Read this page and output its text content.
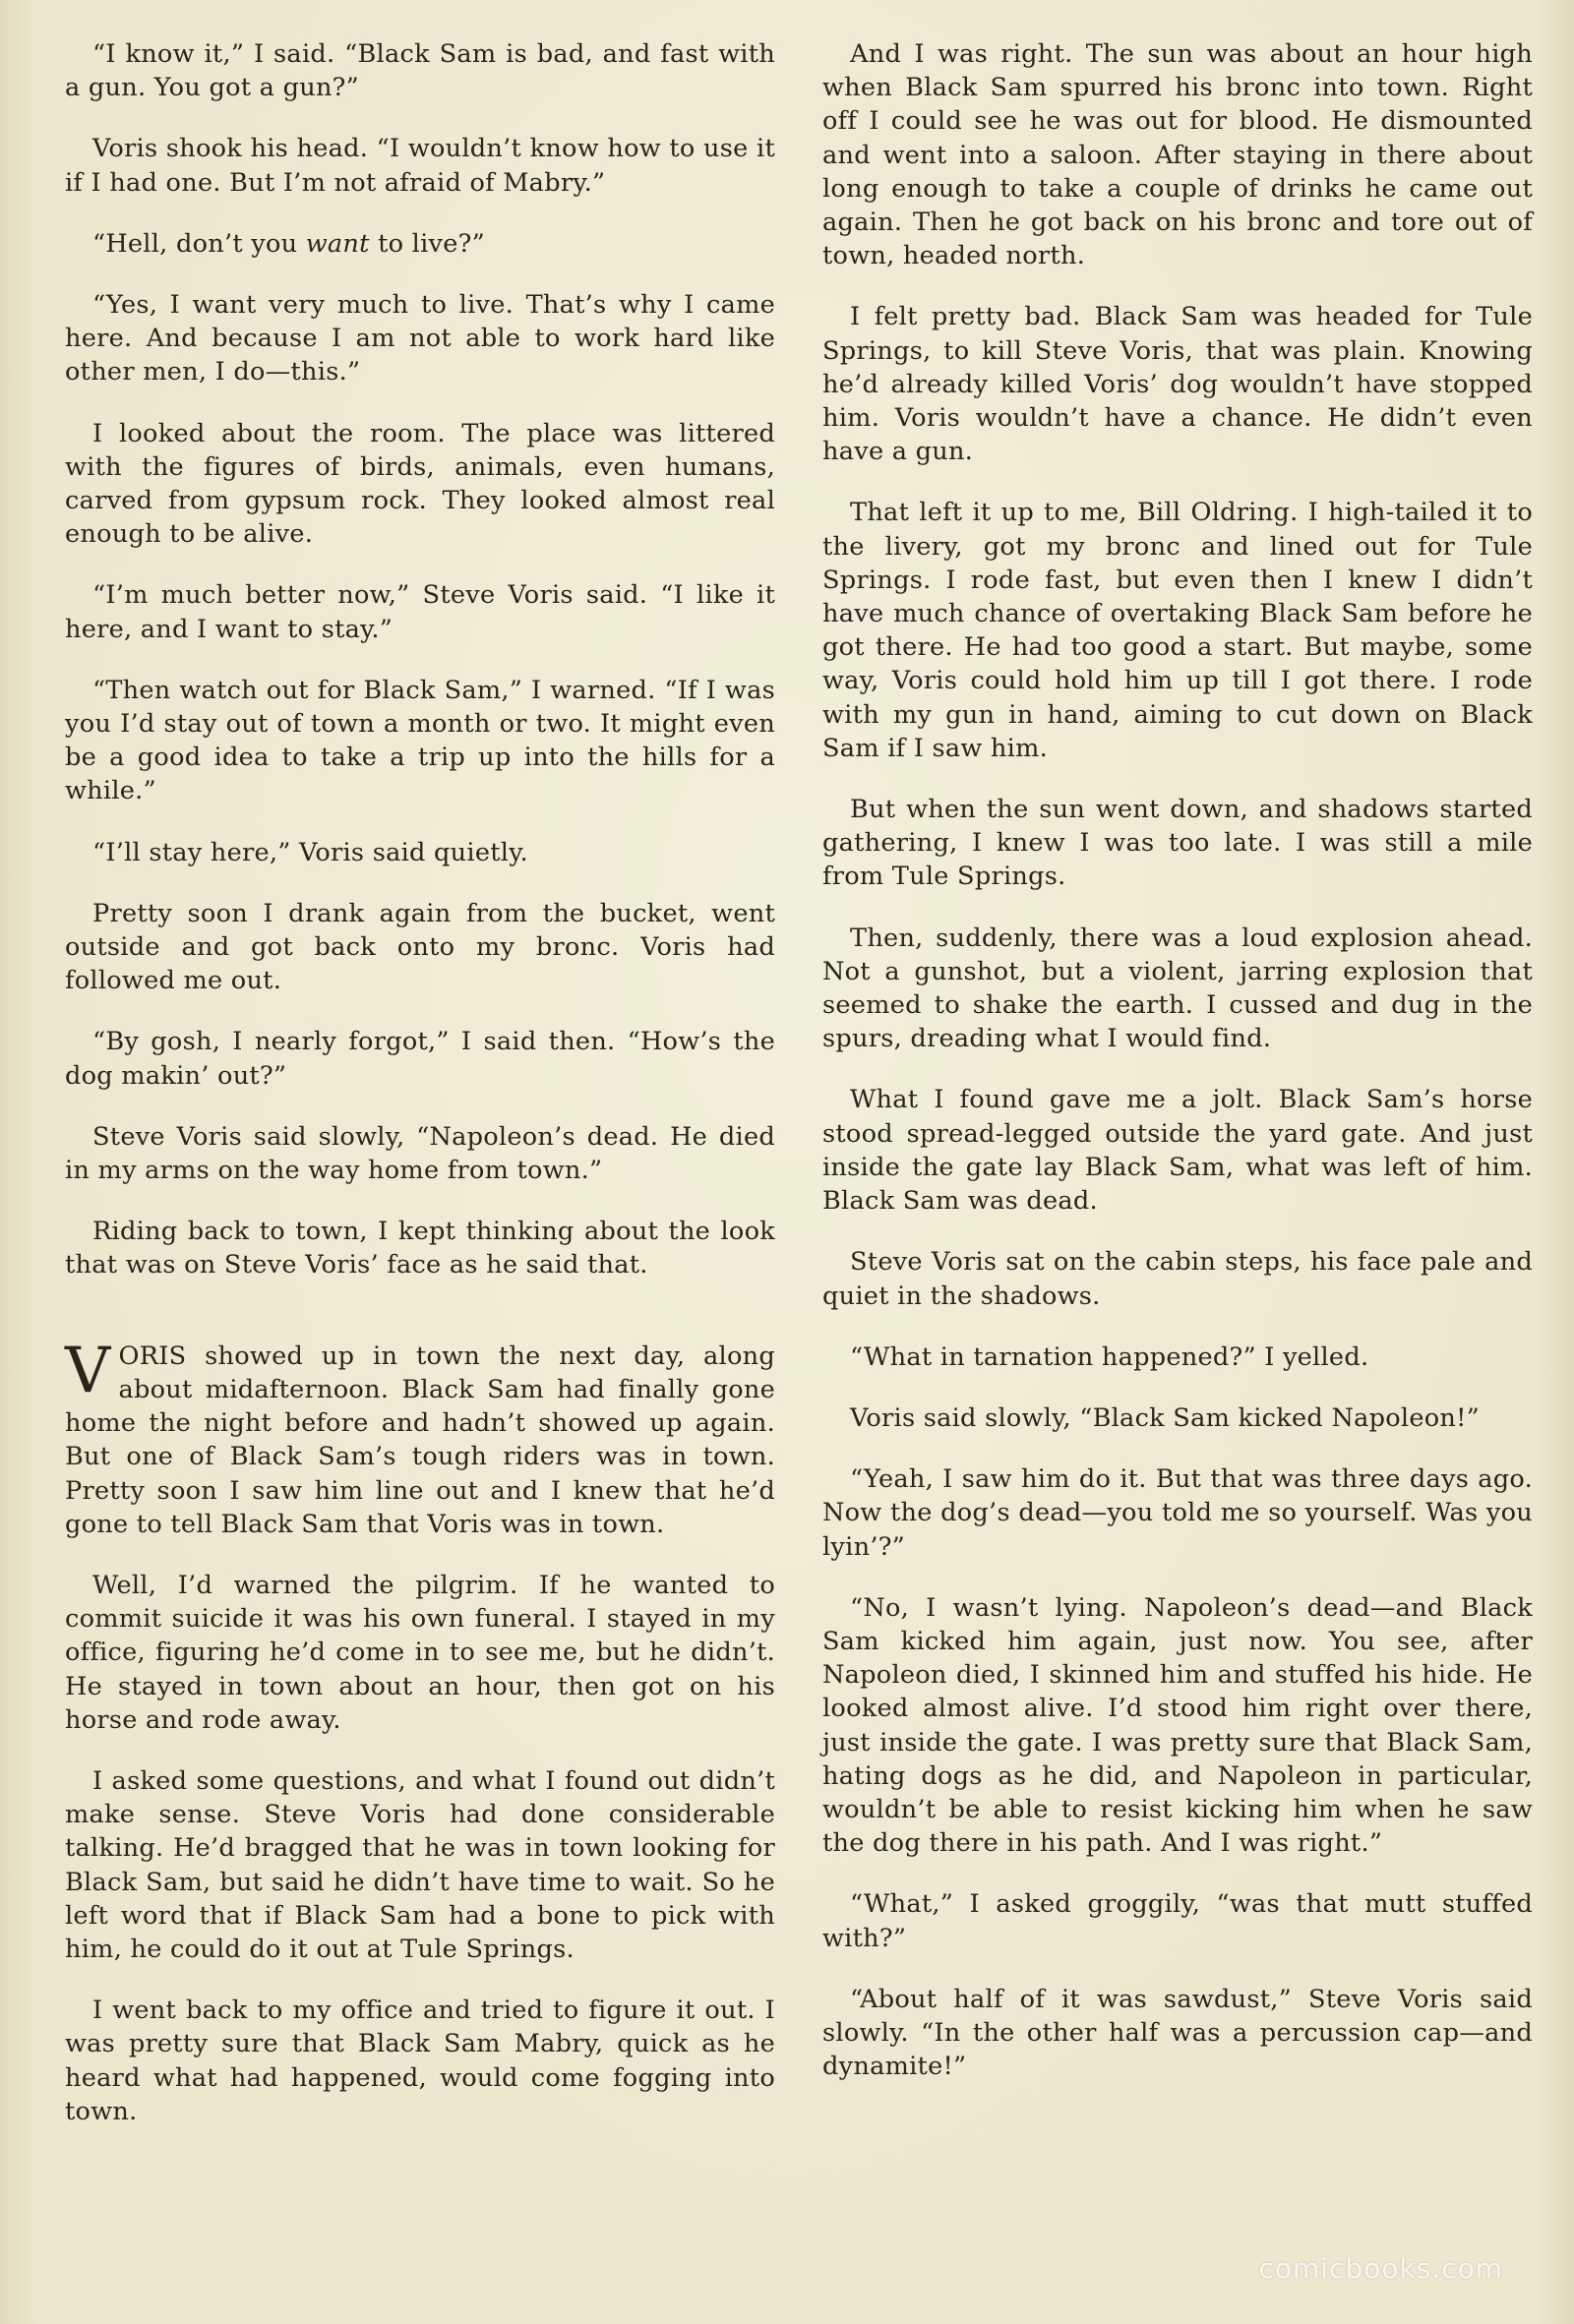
“I know it,” I said. “Black Sam is bad, and fast with a gun. You got a gun?”

Voris shook his head. “I wouldn’t know how to use it if I had one. But I’m not afraid of Mabry.”

“Hell, don’t you want to live?”

“Yes, I want very much to live. That’s why I came here. And because I am not able to work hard like other men, I do—this.”

I looked about the room. The place was littered with the figures of birds, animals, even humans, carved from gypsum rock. They looked almost real enough to be alive.

“I’m much better now,” Steve Voris said. “I like it here, and I want to stay.”

“Then watch out for Black Sam,” I warned. “If I was you I’d stay out of town a month or two. It might even be a good idea to take a trip up into the hills for a while.”

“I’ll stay here,” Voris said quietly.

Pretty soon I drank again from the bucket, went outside and got back onto my bronc. Voris had followed me out.

“By gosh, I nearly forgot,” I said then. “How’s the dog makin’ out?”

Steve Voris said slowly, “Napoleon’s dead. He died in my arms on the way home from town.”

Riding back to town, I kept thinking about the look that was on Steve Voris’ face as he said that.

VORIS showed up in town the next day, along about midafternoon. Black Sam had finally gone home the night before and hadn’t showed up again. But one of Black Sam’s tough riders was in town. Pretty soon I saw him line out and I knew that he’d gone to tell Black Sam that Voris was in town.

Well, I’d warned the pilgrim. If he wanted to commit suicide it was his own funeral. I stayed in my office, figuring he’d come in to see me, but he didn’t. He stayed in town about an hour, then got on his horse and rode away.

I asked some questions, and what I found out didn’t make sense. Steve Voris had done considerable talking. He’d bragged that he was in town looking for Black Sam, but said he didn’t have time to wait. So he left word that if Black Sam had a bone to pick with him, he could do it out at Tule Springs.

I went back to my office and tried to figure it out. I was pretty sure that Black Sam Mabry, quick as he heard what had happened, would come fogging into town.

And I was right. The sun was about an hour high when Black Sam spurred his bronc into town. Right off I could see he was out for blood. He dismounted and went into a saloon. After staying in there about long enough to take a couple of drinks he came out again. Then he got back on his bronc and tore out of town, headed north.

I felt pretty bad. Black Sam was headed for Tule Springs, to kill Steve Voris, that was plain. Knowing he’d already killed Voris’ dog wouldn’t have stopped him. Voris wouldn’t have a chance. He didn’t even have a gun.

That left it up to me, Bill Oldring. I high-tailed it to the livery, got my bronc and lined out for Tule Springs. I rode fast, but even then I knew I didn’t have much chance of overtaking Black Sam before he got there. He had too good a start. But maybe, some way, Voris could hold him up till I got there. I rode with my gun in hand, aiming to cut down on Black Sam if I saw him.

But when the sun went down, and shadows started gathering, I knew I was too late. I was still a mile from Tule Springs.

Then, suddenly, there was a loud explosion ahead. Not a gunshot, but a violent, jarring explosion that seemed to shake the earth. I cussed and dug in the spurs, dreading what I would find.

What I found gave me a jolt. Black Sam’s horse stood spread-legged outside the yard gate. And just inside the gate lay Black Sam, what was left of him. Black Sam was dead.

Steve Voris sat on the cabin steps, his face pale and quiet in the shadows.

“What in tarnation happened?” I yelled.

Voris said slowly, “Black Sam kicked Napoleon!”

“Yeah, I saw him do it. But that was three days ago. Now the dog’s dead—you told me so yourself. Was you lyin’?”

“No, I wasn’t lying. Napoleon’s dead—and Black Sam kicked him again, just now. You see, after Napoleon died, I skinned him and stuffed his hide. He looked almost alive. I’d stood him right over there, just inside the gate. I was pretty sure that Black Sam, hating dogs as he did, and Napoleon in particular, wouldn’t be able to resist kicking him when he saw the dog there in his path. And I was right.”

“What,” I asked groggily, “was that mutt stuffed with?”

“About half of it was sawdust,” Steve Voris said slowly. “In the other half was a percussion cap—and dynamite!”

comicbooks.com
